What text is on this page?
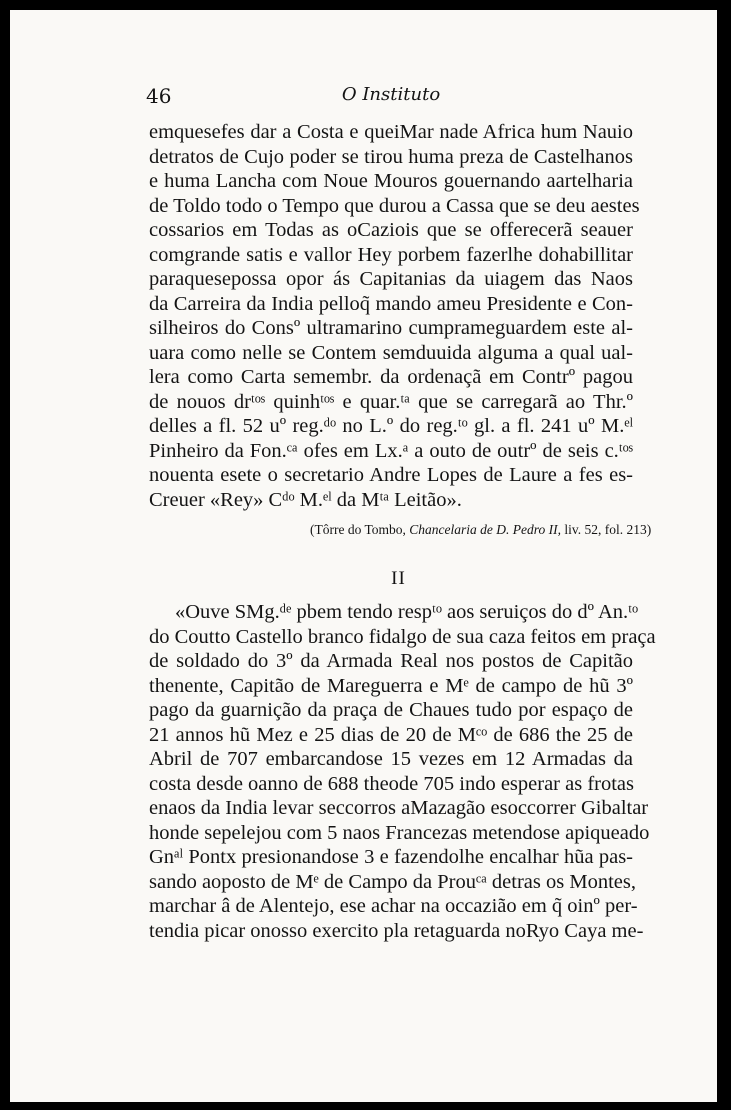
46	O Instituto
emquesefes dar a Costa e queiMar nade Africa hum Nauio
detratos de Cujo poder se tirou huma preza de Castelhanos
e huma Lancha com Noue Mouros gouernando aartelharia
de Toldo todo o Tempo que durou a Cassa que se deu aestes
cossarios em Todas as oCaziois que se offerecerã seauer
comgrande satis e vallor Hey porbem fazerlhe dohabillitar
paraquesepossa opor ás Capitanias da uiagem das Naos
da Carreira da India pelloq̃ mando ameu Presidente e Con-
silheiros do Consº ultramarino cumprameguardem este al-
uara como nelle se Contem semduuida alguma a qual ual-
lera como Carta semembr. da ordenaçã em Contrº pagou
de nouos drᵗᵒˢ quinhᵗᵒˢ e quar.ᵗᵃ que se carregarã ao Thr.º
delles a fl. 52 uº reg.ᵈᵒ no L.º do reg.ᵗᵒ gl. a fl. 241 uº M.ᵉˡ
Pinheiro da Fon.ᶜᵃ ofes em Lx.ᵃ a outo de outrº de seis c.ᵗᵒˢ
nouenta esete o secretario Andre Lopes de Laure a fes es-
Creuer «Rey» Cᵈᵒ M.ᵉˡ da Mᵗᵃ Leitão».
(Tôrre do Tombo, Chancelaria de D. Pedro II, liv. 52, fol. 213)
II
«Ouve SMg.ᵈᵉ pbem tendo respᵗᵒ aos seruiços do dº An.ᵗᵒ
do Coutto Castello branco fidalgo de sua caza feitos em praça
de soldado do 3º da Armada Real nos postos de Capitão
thenente, Capitão de Mareguerra e Mᵉ de campo de hũ 3º
pago da guarnição da praça de Chaues tudo por espaço de
21 annos hũ Mez e 25 dias de 20 de Mᶜᵒ de 686 the 25 de
Abril de 707 embarcandose 15 vezes em 12 Armadas da
costa desde oanno de 688 theode 705 indo esperar as frotas
enaos da India levar seccorros aMazagão esoccorrer Gibaltar
honde sepelejou com 5 naos Francezas metendose apiqueado
Gnᵃˡ Pontx presionandose 3 e fazendolhe encalhar hũa pas-
sando aoposto de Mᵉ de Campo da Prouᶜᵃ detras os Montes,
marchar â de Alentejo, ese achar na occazião em q̃ oinº per-
tendia picar onosso exercito pla retaguarda noRyo Caya me-
